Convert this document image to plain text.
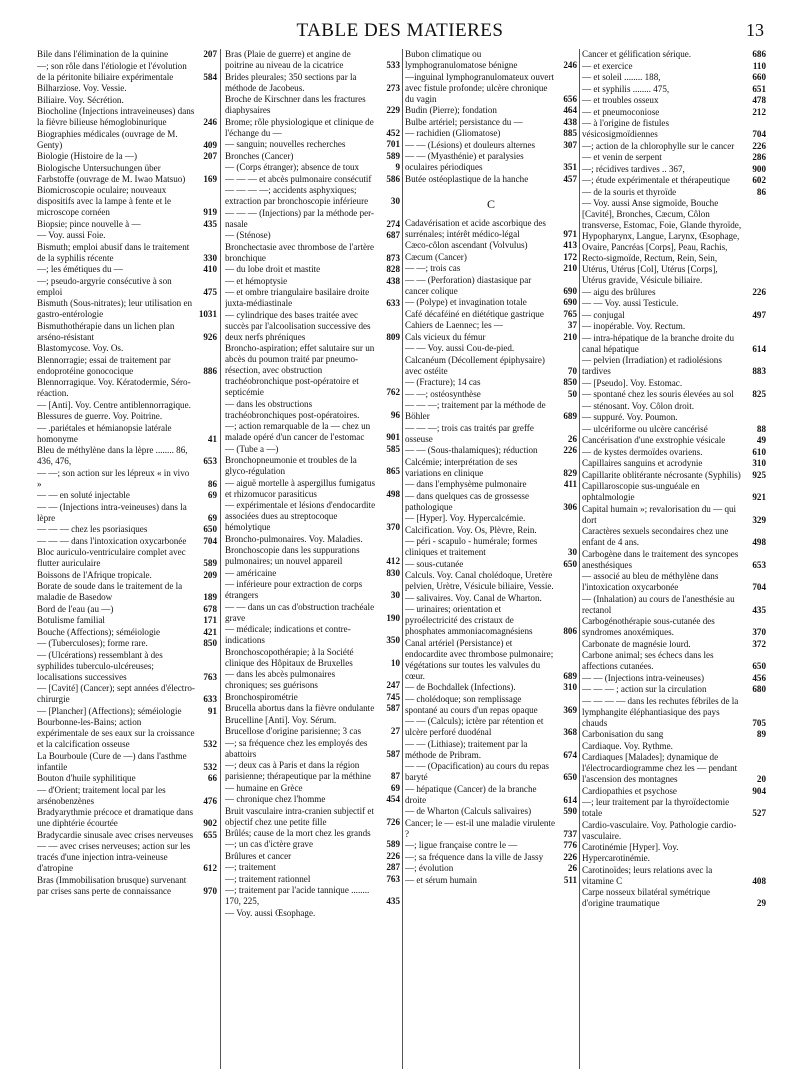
TABLE DES MATIERES	13
Bile dans l'élimination de la quinine	207
—; son rôle dans l'étiologie et l'évolution de la péritonite biliaire expérimentale	584
Bilharziose. Voy. Vessie.
Biliaire. Voy. Sécrétion.
Biocholine (Injections intraveineuses) dans la fièvre bilieuse hémoglobinurique	246
Biographies médicales (ouvrage de M. Genty)	409
Biologie (Histoire de la —)	207
Biologische Untersuchungen über Farbstoffe (ouvrage de M. Iwao Matsuo)	169
Biomicroscopie oculaire; nouveaux dispositifs avec la lampe à fente et le microscope cornéen	919
Biopsie; pince nouvelle à —	435
— Voy. aussi Foie.
Bismuth; emploi abusif dans le traitement de la syphilis récente	330
—; les émétiques du —	410
—; pseudo-argyrie consécutive à son emploi	475
Bismuth (Sous-nitrates); leur utilisation en gastro-entérologie	1031
Bismuthothérapie dans un lichen plan arséno-résistant	926
Blastomycose. Voy. Os.
Blennorragie; essai de traitement par endoprotéine gonococique	886
Blennorragique. Voy. Kératodermie, Séro-réaction.
— [Anti]. Voy. Centre antiblennorragique.
Blessures de guerre. Voy. Poitrine.
— .pariétales et hémianopsie latérale homonyme	41
Bleu de méthylène dans la lèpre ........ 86, 436, 476,	653
— —; son action sur les lépreux « in vivo »	86
— — en soluté injectable	69
— — (Injections intra-veineuses) dans la lèpre	69
— — — chez les psoriasiques	650
— — — dans l'intoxication oxycarbonée	704
Bloc auriculo-ventriculaire complet avec flutter auriculaire	589
Boissons de l'Afrique tropicale.	209
Borate de soude dans le traitement de la maladie de Basedow	189
Bord de l'eau (au —)	678
Botulisme familial	171
Bouche (Affections); séméiologie	421
— (Tuberculoses); forme rare.	850
— (Ulcérations) ressemblant à des syphilides tuberculo-ulcéreuses; localisations successives	763
— [Cavité] (Cancer); sept années d'électro-chirurgie	633
— [Plancher] (Affections); séméiologie	91
Bourbonne-les-Bains; action expérimentale de ses eaux sur la croissance et la calcification osseuse	532
La Bourboule (Cure de —) dans l'asthme infantile	532
Bouton d'huile syphilitique	66
— d'Orient; traitement local par les arsénobenzènes	476
Bradyarythmie précoce et dramatique dans une diphtérie écourtée	902
Bradycardie sinusale avec crises nerveuses	655
— — avec crises nerveuses; action sur les tracés d'une injection intra-veineuse d'atropine	612
Bras (Immobilisation brusque) survenant par crises sans perte de connaissance	970
Bras (Plaie de guerre) et angine de poitrine au niveau de la cicatrice	533
Brides pleurales; 350 sections par la méthode de Jacobeus.	273
Broche de Kirschner dans les fractures diaphysaires	229
Brome; rôle physiologique et clinique de l'échange du —	452
— sanguin; nouvelles recherches	701
Bronches (Cancer)	589
— (Corps étranger); absence de toux	9
— — — et abcès pulmonaire consécutif	586
— — — —; accidents asphyxiques; extraction par bronchoscopie inférieure	30
— — — (Injections) par la méthode per-nasale	274
— (Sténose)	687
Bronchectasie avec thrombose de l'artère bronchique	873
— du lobe droit et mastite	828
— et hémoptysie	438
— et ombre triangulaire basilaire droite juxta-médiastinale	633
— cylindrique des bases traitée avec succès par l'alcoolisation successive des deux nerfs phréniques	809
Broncho-aspiration; effet salutaire sur un abcès du poumon traité par pneumo-résection, avec obstruction trachéobronchique post-opératoire et septicémie	762
— dans les obstructions trachéobronchiques post-opératoires.	96
—; action remarquable de la — chez un malade opéré d'un cancer de l'estomac	901
— (Tube a —)	585
Bronchopneumonie et troubles de la glyco-régulation	865
— aiguë mortelle à aspergillus fumigatus et rhizomucor parasiticus	498
— expérimentale et lésions d'endocardite associées dues au streptocoque hémolytique	370
Broncho-pulmonaires. Voy. Maladies.
Bronchoscopie dans les suppurations pulmonaires; un nouvel appareil	412
— américaine	830
— inférieure pour extraction de corps étrangers	30
— — dans un cas d'obstruction trachéale grave	190
— médicale; indications et contre-indications	350
Bronchoscopothérapie; à la Société clinique des Hôpitaux de Bruxelles	10
— dans les abcès pulmonaires chroniques; ses guérisons	247
Bronchospirométrie	745
Brucella abortus dans la fièvre ondulante	587
Brucelline [Anti]. Voy. Sérum.
Brucellose d'origine parisienne; 3 cas	27
—; sa fréquence chez les employés des abattoirs	587
—; deux cas à Paris et dans la région parisienne; thérapeutique par la méthine	87
— humaine en Grèce	69
— chronique chez l'homme	454
Bruit vasculaire intra-cranien subjectif et objectif chez une petite fille	726
Brûlés; cause de la mort chez les grands —; un cas d'ictère grave	589
Brûlures et cancer	226
—; traitement	287
—; traitement rationnel	763
—; traitement par l'acide tannique ........ 170, 225,	435
— Voy. aussi Œsophage.
Bubon climatique ou lymphogranulomatose bénigne	246
—inguinal lymphogranulomateux ouvert avec fistule profonde; ulcère chronique du vagin	656
Budin (Pierre); fondation	464
Bulbe artériel; persistance du —	438
— rachidien (Gliomatose)	885
— — (Lésions) et douleurs alternes	307
— — (Myasthénie) et paralysies oculaires périodiques	351
Butée ostéoplastique de la hanche	457
C
Cadavérisation et acide ascorbique des surrénales; intérêt médico-légal	971
Cæco-côlon ascendant (Volvulus)	413
Cæcum (Cancer)	172
— —; trois cas	210
— — (Perforation) diastasique par cancer colique	690
— (Polype) et invagination totale	690
Café décaféiné en diététique gastrique	765
Cahiers de Laennec; les —	37
Cals vicieux du fémur	210
— — Voy. aussi Cou-de-pied.
Calcanéum (Décollement épiphysaire) avec ostéite	70
— (Fracture); 14 cas	850
— —; ostéosynthèse	50
— — —; traitement par la méthode de Böhler	689
— — —; trois cas traités par greffe osseuse	26
— — (Sous-thalamiques); réduction	226
Calcémie; interprétation de ses variations en clinique	829
— dans l'emphysème pulmonaire	411
— dans quelques cas de grossesse pathologique	306
— [Hyper]. Voy. Hypercalcémie.
Calcification. Voy. Os, Plèvre, Rein.
— péri - scapulo - humérale; formes cliniques et traitement	30
— sous-cutanée	650
Calculs. Voy. Canal cholédoque, Uretère pelvien, Urètre, Vésicule biliaire, Vessie.
— salivaires. Voy. Canal de Wharton.
— urinaires; orientation et pyroélectricité des cristaux de phosphates ammoniacomagnésiens	806
Canal artériel (Persistance) et endocardite avec thrombose pulmonaire; végétations sur toutes les valvules du cœur.	689
— de Bochdallek (Infections).	310
— cholédoque; son remplissage spontané au cours d'un repas opaque	369
— — (Calculs); ictère par rétention et ulcère perforé duodénal	368
— — (Lithiase); traitement par la méthode de Pribram.	674
— — (Opacification) au cours du repas baryté	650
— hépatique (Cancer) de la branche droite	614
— de Wharton (Calculs salivaires)	590
Cancer; le — est-il une maladie virulente ?	737
—; ligue française contre le —	776
—; sa fréquence dans la ville de Jassy	226
—; évolution	26
— et sérum humain	511
Cancer et gélification sérique.	686
— et exercice	110
— et soleil ........ 188,	660
— et syphilis ........ 475,	651
— et troubles osseux	478
— et pneumoconiose	212
— à l'origine de fistules vésicosigmoïdiennes	704
—; action de la chlorophylle sur le cancer	226
— et venin de serpent	286
—; récidives tardives .. 367,	900
—; étude expérimentale et thérapeutique	602
— de la souris et thyroïde	86
— Voy. aussi Anse sigmoïde, Bouche [Cavité], Bronches, Cæcum, Côlon transverse, Estomac, Foie, Glande thyroïde, Hypopharynx, Langue, Larynx, Œsophage, Ovaire, Pancréas [Corps], Peau, Rachis, Recto-sigmoïde, Rectum, Rein, Sein, Utérus, Utérus [Col], Utérus [Corps], Utérus gravide, Vésicule biliaire.
— aigu des brûlures	226
— — Voy. aussi Testicule.
— conjugal	497
— inopérable. Voy. Rectum.
— intra-hépatique de la branche droite du canal hépatique	614
— pelvien (Irradiation) et radiolésions tardives	883
— [Pseudo]. Voy. Estomac.
— spontané chez les souris élevées au sol	825
— sténosant. Voy. Côlon droit.
— suppuré. Voy. Poumon.
— ulcériforme ou ulcère cancérisé	88
Cancérisation d'une exstrophie vésicale	49
— de kystes dermoïdes ovariens.	610
Capillaires sanguins et acrodynie	310
Capillarite oblitérante nécrosante (Syphilis)	925
Capillaroscopie sus-unguéale en ophtalmologie	921
Capital humain »; revalorisation du — qui dort	329
Caractères sexuels secondaires chez une enfant de 4 ans.	498
Carbogène dans le traitement des syncopes anesthésiques	653
— associé au bleu de méthylène dans l'intoxication oxycarbonée	704
— (Inhalation) au cours de l'anesthésie au rectanol	435
Carbogénothérapie sous-cutanée des syndromes anoxémiques.	370
Carbonate de magnésie lourd.	372
Carbone animal; ses échecs dans les affections cutanées.	650
— — (Injections intra-veineuses)	456
— — — ; action sur la circulation	680
— — — — dans les rechutes fébriles de la lymphangite éléphantiasique des pays chauds	705
Carbonisation du sang	89
Cardiaque. Voy. Rythme.
Cardiaques [Malades]; dynamique de l'électrocardiogramme chez les — pendant l'ascension des montagnes	20
Cardiopathies et psychose	904
—; leur traitement par la thyroïdectomie totale	527
Cardio-vasculaire. Voy. Pathologie cardio-vasculaire.
Carotinémie [Hyper]. Voy. Hypercarotinémie.
Carotinoïdes; leurs relations avec la vitamine C	408
Carpe nosseux bilatéral symétrique d'origine traumatique	29
